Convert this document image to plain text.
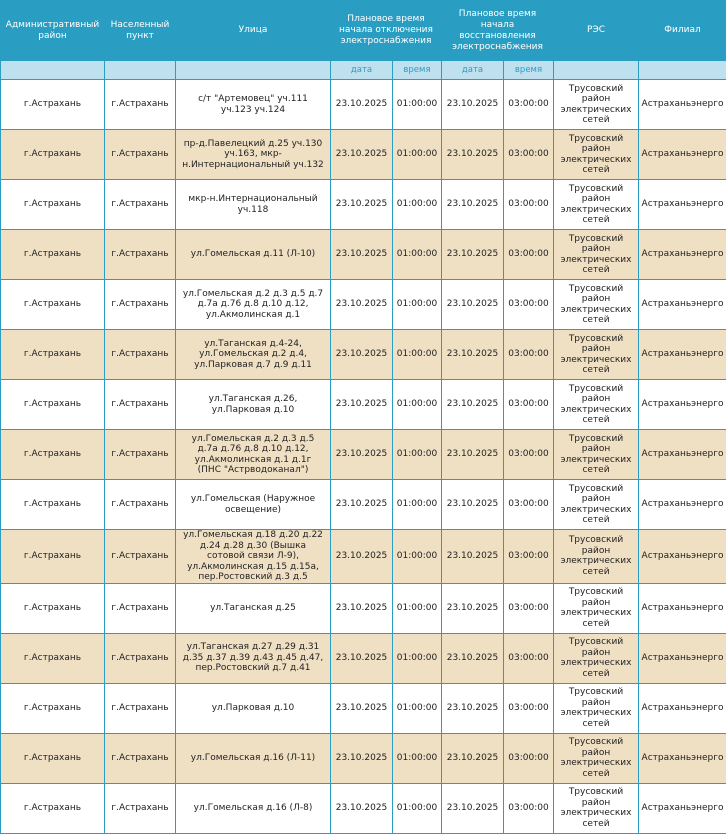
Административный район	Населенный пункт	Улица	Плановое время начала отключения электроснабжения		Плановое время начала восстановления электроснабжения		РЭС	Филиал
			дата	время	дата	время		
г.Астрахань	г.Астрахань	с/т "Артемовец" уч.111 уч.123 уч.124	23.10.2025	01:00:00	23.10.2025	03:00:00	Трусовский район электрических сетей	Астраханьэнерго
г.Астрахань	г.Астрахань	пр-д.Павелецкий д.25 уч.130 уч.163, мкр-н.Интернациональный уч.132	23.10.2025	01:00:00	23.10.2025	03:00:00	Трусовский район электрических сетей	Астраханьэнерго
г.Астрахань	г.Астрахань	мкр-н.Интернациональный уч.118	23.10.2025	01:00:00	23.10.2025	03:00:00	Трусовский район электрических сетей	Астраханьэнерго
г.Астрахань	г.Астрахань	ул.Гомельская д.11 (Л-10)	23.10.2025	01:00:00	23.10.2025	03:00:00	Трусовский район электрических сетей	Астраханьэнерго
г.Астрахань	г.Астрахань	ул.Гомельская д.2 д.3 д.5 д.7 д.7а д.76 д.8 д.10 д.12, ул.Акмолинская д.1	23.10.2025	01:00:00	23.10.2025	03:00:00	Трусовский район электрических сетей	Астраханьэнерго
г.Астрахань	г.Астрахань	ул.Таганская д.4-24, ул.Гомельская д.2 д.4, ул.Парковая д.7 д.9 д.11	23.10.2025	01:00:00	23.10.2025	03:00:00	Трусовский район электрических сетей	Астраханьэнерго
г.Астрахань	г.Астрахань	ул.Таганская д.26, ул.Парковая д.10	23.10.2025	01:00:00	23.10.2025	03:00:00	Трусовский район электрических сетей	Астраханьэнерго
г.Астрахань	г.Астрахань	ул.Гомельская д.2 д.3 д.5 д.7а д.76 д.8 д.10 д.12, ул.Акмолинская д.1 д.1г (ПНС "Астрводоканал")	23.10.2025	01:00:00	23.10.2025	03:00:00	Трусовский район электрических сетей	Астраханьэнерго
г.Астрахань	г.Астрахань	ул.Гомельская (Наружное освещение)	23.10.2025	01:00:00	23.10.2025	03:00:00	Трусовский район электрических сетей	Астраханьэнерго
г.Астрахань	г.Астрахань	ул.Гомельская д.18 д.20 д.22 д.24 д.28 д.30 (Вышка сотовой связи Л-9), ул.Акмолинская д.15 д.15а, пер.Ростовский д.3 д.5	23.10.2025	01:00:00	23.10.2025	03:00:00	Трусовский район электрических сетей	Астраханьэнерго
г.Астрахань	г.Астрахань	ул.Таганская д.25	23.10.2025	01:00:00	23.10.2025	03:00:00	Трусовский район электрических сетей	Астраханьэнерго
г.Астрахань	г.Астрахань	ул.Таганская д.27 д.29 д.31 д.35 д.37 д.39 д.43 д.45 д.47, пер.Ростовский д.7 д.41	23.10.2025	01:00:00	23.10.2025	03:00:00	Трусовский район электрических сетей	Астраханьэнерго
г.Астрахань	г.Астрахань	ул.Парковая д.10	23.10.2025	01:00:00	23.10.2025	03:00:00	Трусовский район электрических сетей	Астраханьэнерго
г.Астрахань	г.Астрахань	ул.Гомельская д.16 (Л-11)	23.10.2025	01:00:00	23.10.2025	03:00:00	Трусовский район электрических сетей	Астраханьэнерго
г.Астрахань	г.Астрахань	ул.Гомельская д.16 (Л-8)	23.10.2025	01:00:00	23.10.2025	03:00:00	Трусовский район электрических сетей	Астраханьэнерго
